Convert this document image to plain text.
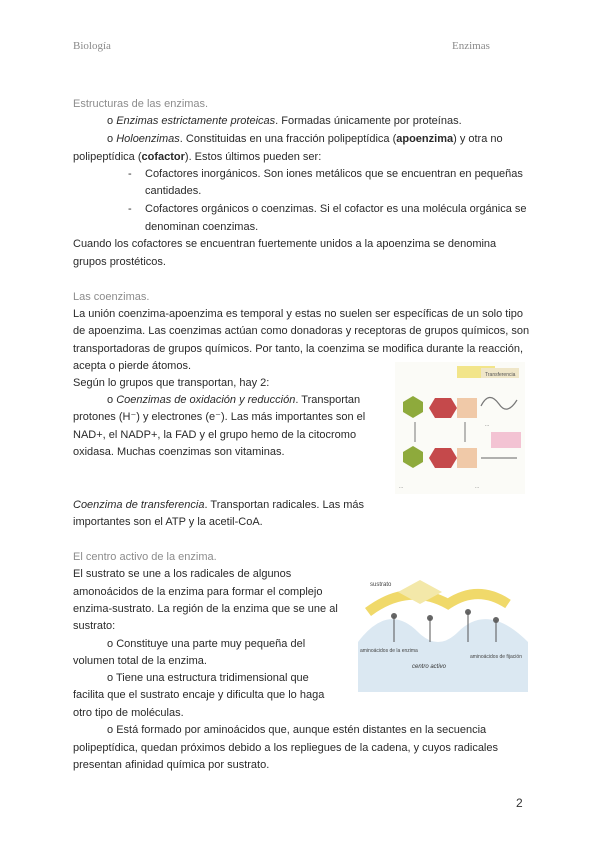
Biología	Enzimas
Estructuras de las enzimas.
o Enzimas estrictamente proteicas. Formadas únicamente por proteínas.
o Holoenzimas. Constituidas en una fracción polipeptídica (apoenzima) y otra no
polipeptídica (cofactor). Estos últimos pueden ser:
- Cofactores inorgánicos. Son iones metálicos que se encuentran en pequeñas
cantidades.
- Cofactores orgánicos o coenzimas. Si el cofactor es una molécula orgánica se
denominan coenzimas.
Cuando los cofactores se encuentran fuertemente unidos a la apoenzima se denomina
grupos prostéticos.
Las coenzimas.
La unión coenzima-apoenzima es temporal y estas no suelen ser específicas de un solo tipo
de apoenzima. Las coenzimas actúan como donadoras y receptoras de grupos químicos, son
transportadoras de grupos químicos. Por tanto, la coenzima se modifica durante la reacción,
acepta o pierde átomos.
Según lo grupos que transportan, hay 2:
o Coenzimas de oxidación y reducción. Transportan
protones (H⁻) y electrones (e⁻). Las más importantes son el
NAD+, el NADP+, la FAD y el grupo hemo de la citocromo
oxidasa. Muchas coenzimas son vitaminas.
Coenzima de transferencia. Transportan radicales. Las más
importantes son el ATP y la acetil-CoA.
...	...
Transferencia
...
El centro activo de la enzima.
El sustrato se une a los radicales de algunos
amonoácidos de la enzima para formar el complejo
enzima-sustrato. La región de la enzima que se une al
sustrato:
o Constituye una parte muy pequeña del
volumen total de la enzima.
o Tiene una estructura tridimensional que
facilita que el sustrato encaje y dificulta que lo haga
otro tipo de moléculas.
o Está formado por aminoácidos que, aunque estén distantes en la secuencia
polipeptídica, quedan próximos debido a los repliegues de la cadena, y cuyos radicales
presentan afinidad química por sustrato.
sustrato
centro activo
aminoácidos de la enzima
aminoácidos de fijación
2
